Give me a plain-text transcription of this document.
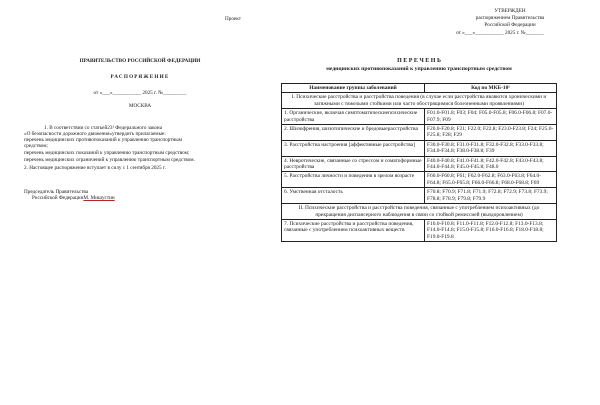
Проект
ПРАВИТЕЛЬСТВО РОССИЙСКОЙ ФЕДЕРАЦИИ
РАСПОРЯЖЕНИЕ
от «___»___________ 2025 г. №_________
МОСКВА
1. В соответствии со статьей23¹ Федерального закона
«О безопасности дорожного движения»утвердить прилагаемые:
перечень медицинских противопоказаний к управлению транспортным
средством;
перечень медицинских показаний к управлению транспортным средством;
перечень медицинских ограничений к управлению транспортным средством.
2. Настоящее распоряжение вступает в силу с 1 сентября 2025 г.
Председатель Правительства
Российской ФедерацииМ. Мишустин
УТВЕРЖДЕН
распоряжением Правительства
Российской Федерации
от «___»___________ 2025 г. №_______
П Е Р Е Ч Е Н Ь
медицинских противопоказаний к управлению транспортным средством
Наименование группы заболеваний	Код по МКБ-10¹
I. Психические расстройства и расстройства поведения (в случае если расстройства являются хроническими и затяжными с тяжелыми стойкими или часто обострящимися болезненными проявлениями)	
1. Органические, включая симптоматическиепсихические расстройства	F01.0-F01.8; F03; F04; F05.0-F05.8; F06.0-F06.8; F07.0-F07.9; F09
2. Шизофрения, шизотипические и бредовыерасстройства	F20.0-F20.8; F21; F22.0; F22.8; F23.0-F23.8; F24; F25.0-F25.8; F28; F29
3. Расстройства настроения [аффективные расстройства]	F30.0-F30.8; F31.0-F31.8; F32.0-F32.8; F33.0-F33.8; F34.0-F34.8; F38.0-F38.8; F39
4. Невротические, связанные со стрессом и соматоформные расстройства	F40.0-F40.8; F41.0-F41.8; F42.0-F42.8; F43.0-F43.8; F44.0-F44.8; F45.0-F45.8; F48.0
5. Расстройства личности и поведения в зрелом возрасте	F60.0-F60.8; F61; F62.0-F62.8; F63.0-F63.8; F64.0-F64.8; F65.0-F65.8; F66.0-F66.8; F68.0-F68.8; F69
6. Умственная отсталость	F70.8; F70.9; F71.8; F71.9; F72.8; F72.9; F73.8; F73.9; F78.8; F78.9; F79.8; F79.9
II. Психические расстройства и расстройства поведения, связанные с употреблением психоактивных (до прекращения диспансерного наблюдения в связи со стойкой ремиссией (выздоровлением)	
7. Психические расстройства и расстройства поведения, связанные с употреблением психоактивных веществ	F10.0-F10.8; F11.0-F11.8; F12.0-F12.8; F13.0-F13.8; F14.0-F14.8; F15.0-F15.8; F16.0-F16.8; F18.0-F18.8; F19.0-F19.8
